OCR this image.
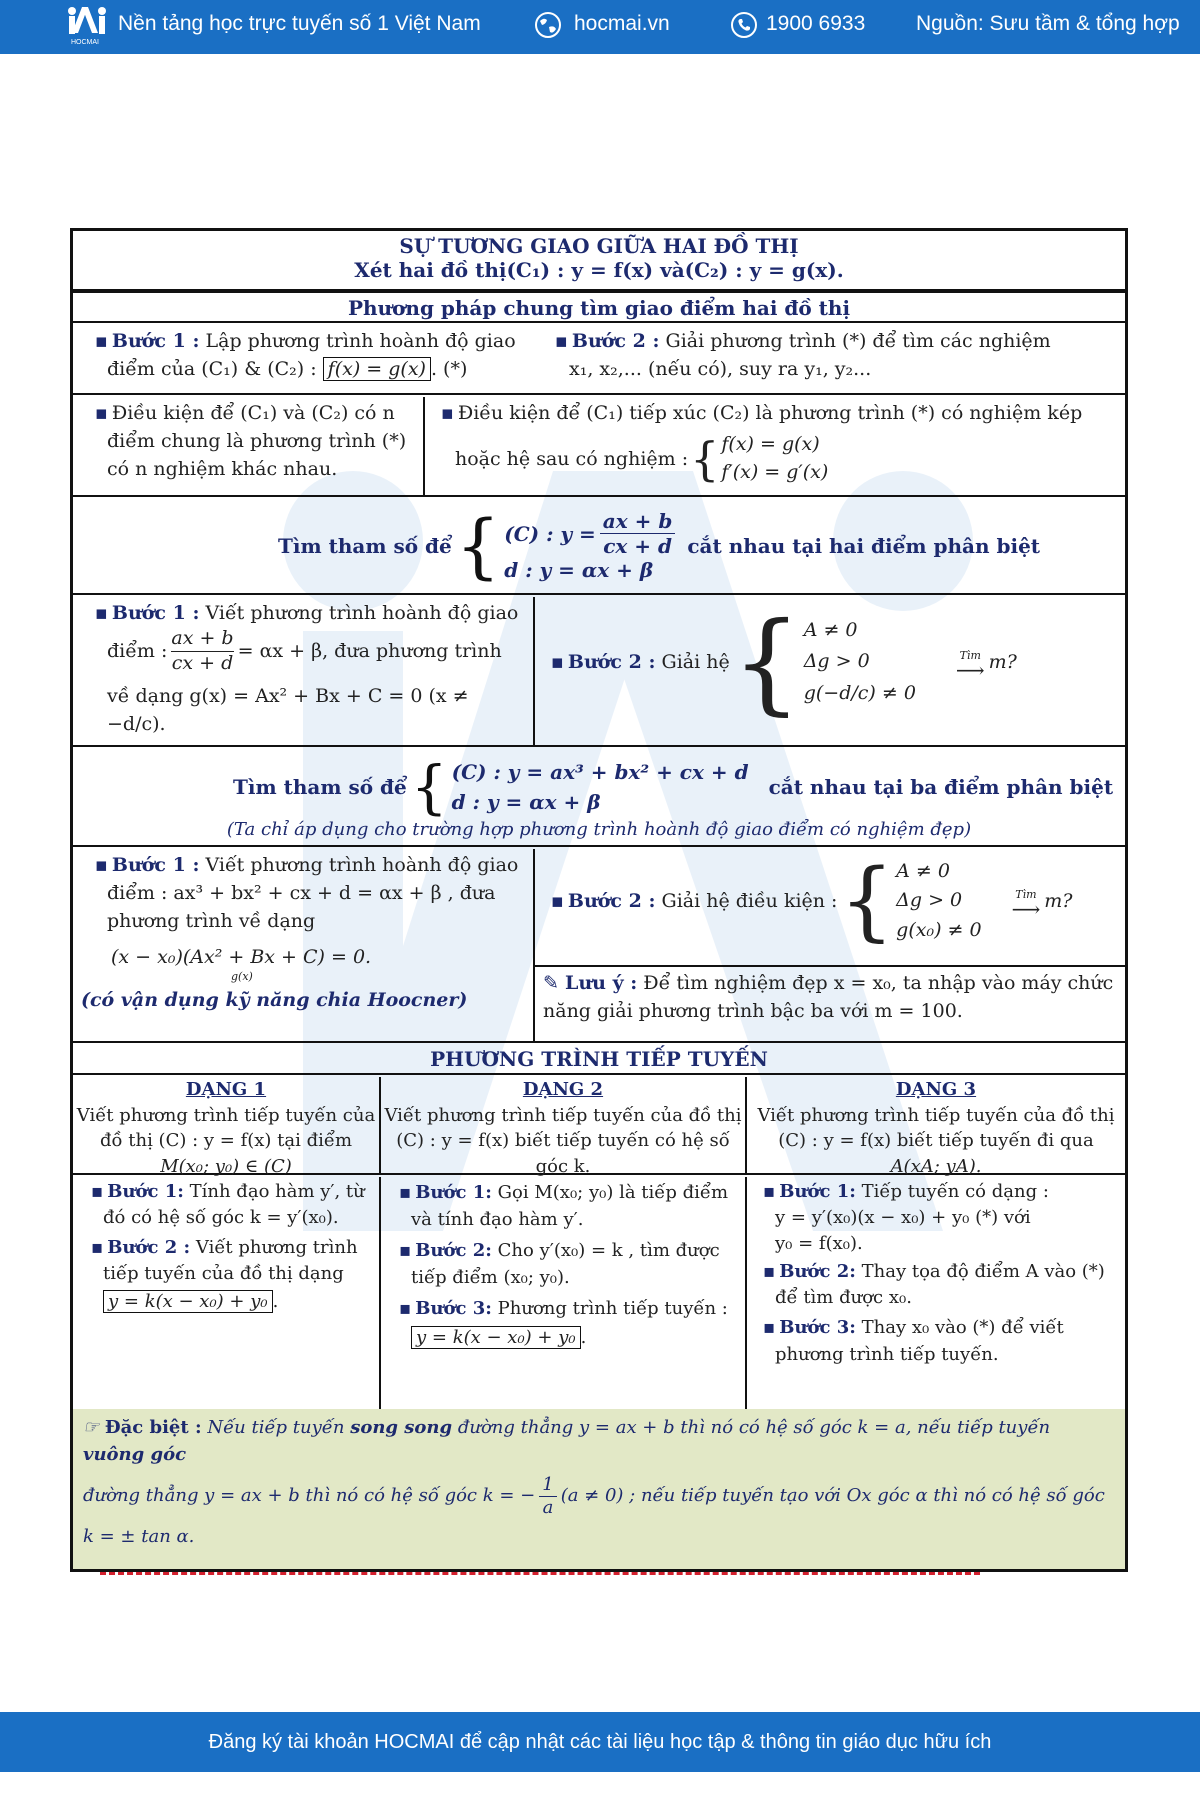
HOCMAI
Nền tảng học trực tuyến số 1 Việt Nam	hocmai.vn	1900 6933 Nguồn: Sưu tầm & tổng hợp
SỰ TƯƠNG GIAO GIỮA HAI ĐỒ THỊ
Xét hai đồ thị(C₁) : y = f(x) và(C₂) : y = g(x).
Phương pháp chung tìm giao điểm hai đồ thị
▪ Bước 1 : Lập phương trình hoành độ giao
điểm của (C₁) & (C₂) : f(x) = g(x) . (*)
▪ Bước 2 : Giải phương trình (*) để tìm các nghiệm
x₁, x₂,... (nếu có), suy ra y₁, y₂...
▪ Điều kiện để (C₁) và (C₂) có n
điểm chung là phương trình (*)
có n nghiệm khác nhau.
▪ Điều kiện để (C₁) tiếp xúc (C₂) là phương trình (*) có nghiệm kép
hoặc hệ sau có nghiệm : { f(x) = g(x)
f′(x) = g′(x)
Tìm tham số để { (C) : $y = \frac{ax + b}{cx + d}$
d : y = αx + β
cắt nhau tại hai điểm phân biệt
▪ Bước 1 : Viết phương trình hoành độ giao
điểm : $\frac{ax + b}{cx + d} = \alpha x + \beta$, đưa phương trình
về dạng g(x) = Ax² + Bx + C = 0 (x ≠ −d/c).
▪ Bước 2 : Giải hệ { A ≠ 0
Δg > 0
g(−d/c) ≠ 0
Tìm
⟶ m?
Tìm tham số để { (C) : y = ax³ + bx² + cx + d
d : y = αx + β
cắt nhau tại ba điểm phân biệt
(Ta chỉ áp dụng cho trường hợp phương trình hoành độ giao điểm có nghiệm đẹp)
▪ Bước 1 : Viết phương trình hoành độ giao
điểm : ax³ + bx² + cx + d = αx + β , đưa
phương trình về dạng
(x − x₀)(Ax² + Bx + C) = 0.
g(x)
(có vận dụng kỹ năng chia Hoocner)
▪ Bước 2 : Giải hệ điều kiện : { A ≠ 0
Δg > 0
g(x₀) ≠ 0
Tìm
⟶ m?
✎ Lưu ý : Để tìm nghiệm đẹp x = x₀, ta nhập vào máy chức
năng giải phương trình bậc ba với m = 100.
PHƯƠNG TRÌNH TIẾP TUYẾN
DẠNG 1
Viết phương trình tiếp tuyến của
đồ thị (C) : y = f(x) tại điểm
M(x₀; y₀) ∈ (C)
DẠNG 2
Viết phương trình tiếp tuyến của đồ thị
(C) : y = f(x) biết tiếp tuyến có hệ số
góc k.
DẠNG 3
Viết phương trình tiếp tuyến của đồ thị
(C) : y = f(x) biết tiếp tuyến đi qua
A(xA; yA).
▪ Bước 1: Tính đạo hàm y′, từ
đó có hệ số góc k = y′(x₀).
▪ Bước 2 : Viết phương trình
tiếp tuyến của đồ thị dạng
y = k(x − x₀) + y₀ .
▪ Bước 1: Gọi M(x₀; y₀) là tiếp điểm
và tính đạo hàm y′.
▪ Bước 2: Cho y′(x₀) = k , tìm được
tiếp điểm (x₀; y₀).
▪ Bước 3: Phương trình tiếp tuyến :
y = k(x − x₀) + y₀ .
▪ Bước 1: Tiếp tuyến có dạng :
y = y′(x₀)(x − x₀) + y₀ (*) với
y₀ = f(x₀).
▪ Bước 2: Thay tọa độ điểm A vào (*)
để tìm được x₀.
▪ Bước 3: Thay x₀ vào (*) để viết
phương trình tiếp tuyến.
☞ Đặc biệt : Nếu tiếp tuyến song song đường thẳng y = ax + b thì nó có hệ số góc k = a, nếu tiếp tuyến vuông góc
đường thẳng y = ax + b thì nó có hệ số góc k = − $\frac{1}{a} (a \ne 0)$ ; nếu tiếp tuyến tạo với Ox góc α thì nó có hệ số góc
k = ± tan α.
Đăng ký tài khoản HOCMAI để cập nhật các tài liệu học tập & thông tin giáo dục hữu ích
